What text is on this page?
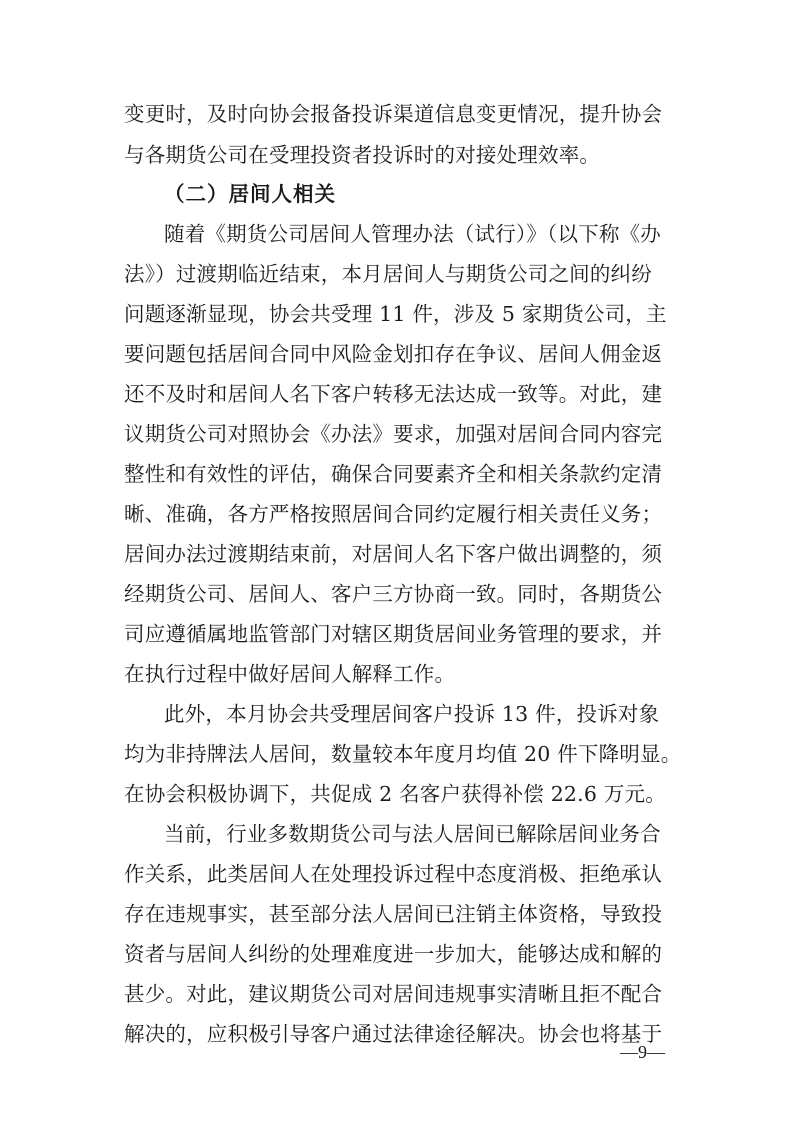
变更时，及时向协会报备投诉渠道信息变更情况，提升协会
与各期货公司在受理投资者投诉时的对接处理效率。
（二）居间人相关
随着《期货公司居间人管理办法（试行）》（以下称《办
法》）过渡期临近结束，本月居间人与期货公司之间的纠纷
问题逐渐显现，协会共受理 11 件，涉及 5 家期货公司，主
要问题包括居间合同中风险金划扣存在争议、居间人佣金返
还不及时和居间人名下客户转移无法达成一致等。对此，建
议期货公司对照协会《办法》要求，加强对居间合同内容完
整性和有效性的评估，确保合同要素齐全和相关条款约定清
晰、准确，各方严格按照居间合同约定履行相关责任义务；
居间办法过渡期结束前，对居间人名下客户做出调整的，须
经期货公司、居间人、客户三方协商一致。同时，各期货公
司应遵循属地监管部门对辖区期货居间业务管理的要求，并
在执行过程中做好居间人解释工作。
此外，本月协会共受理居间客户投诉 13 件，投诉对象
均为非持牌法人居间，数量较本年度月均值 20 件下降明显。
在协会积极协调下，共促成 2 名客户获得补偿 22.6 万元。
当前，行业多数期货公司与法人居间已解除居间业务合
作关系，此类居间人在处理投诉过程中态度消极、拒绝承认
存在违规事实，甚至部分法人居间已注销主体资格，导致投
资者与居间人纠纷的处理难度进一步加大，能够达成和解的
甚少。对此，建议期货公司对居间违规事实清晰且拒不配合
解决的，应积极引导客户通过法律途径解决。协会也将基于
—9—
